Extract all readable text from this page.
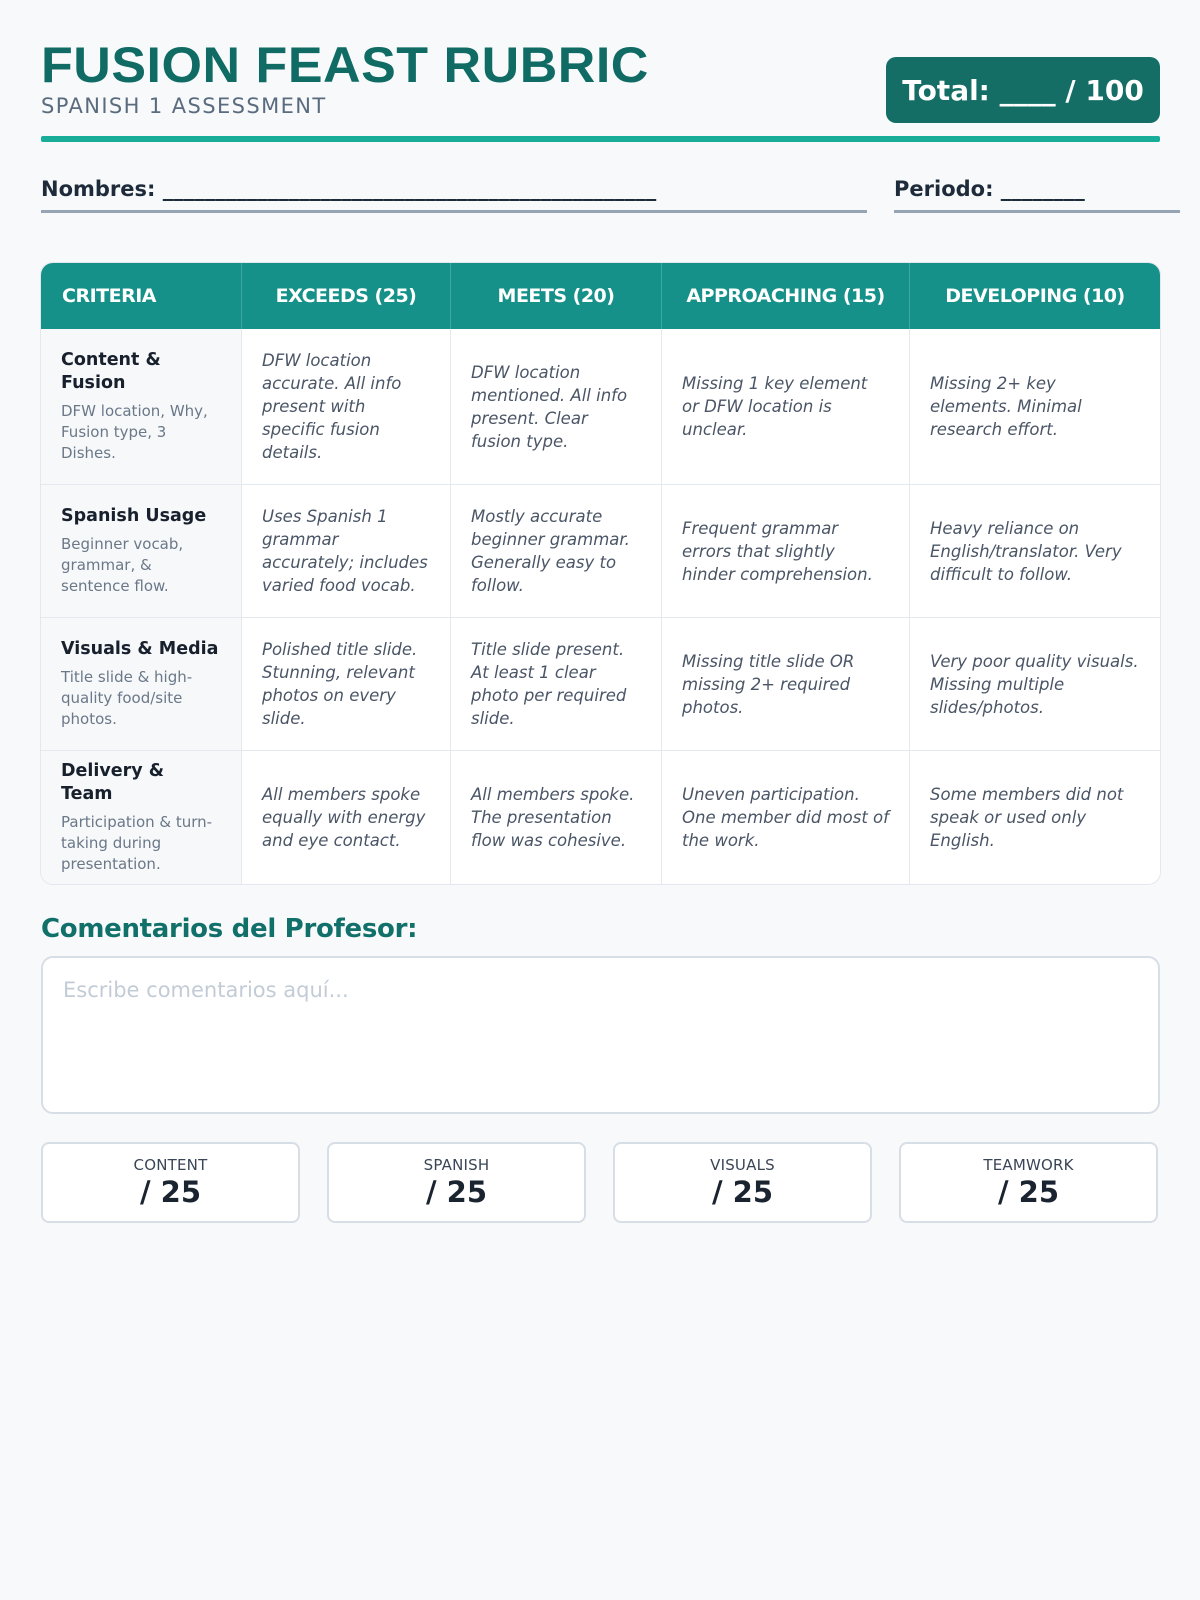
FUSION FEAST RUBRIC
SPANISH 1 ASSESSMENT	Total: ____ / 100
Nombres: _______________________________________________	Periodo: ________
CRITERIA	EXCEEDS (25)	MEETS (20)	APPROACHING (15)	DEVELOPING (10)

Content & Fusion
DFW location, Why, Fusion type, 3 Dishes.	DFW location accurate. All info present with specific fusion details.	DFW location mentioned. All info present. Clear fusion type.	Missing 1 key element or DFW location is unclear.	Missing 2+ key elements. Minimal research effort.

Spanish Usage
Beginner vocab, grammar, & sentence flow.	Uses Spanish 1 grammar accurately; includes varied food vocab.	Mostly accurate beginner grammar. Generally easy to follow.	Frequent grammar errors that slightly hinder comprehension.	Heavy reliance on English/translator. Very difficult to follow.

Visuals & Media
Title slide & high-quality food/site photos.	Polished title slide. Stunning, relevant photos on every slide.	Title slide present. At least 1 clear photo per required slide.	Missing title slide OR missing 2+ required photos.	Very poor quality visuals. Missing multiple slides/photos.

Delivery & Team
Participation & turn-taking during presentation.	All members spoke equally with energy and eye contact.	All members spoke. The presentation flow was cohesive.	Uneven participation. One member did most of the work.	Some members did not speak or used only English.
Comentarios del Profesor:
Escribe comentarios aquí...
CONTENT
/ 25
SPANISH
/ 25
VISUALS
/ 25
TEAMWORK
/ 25
